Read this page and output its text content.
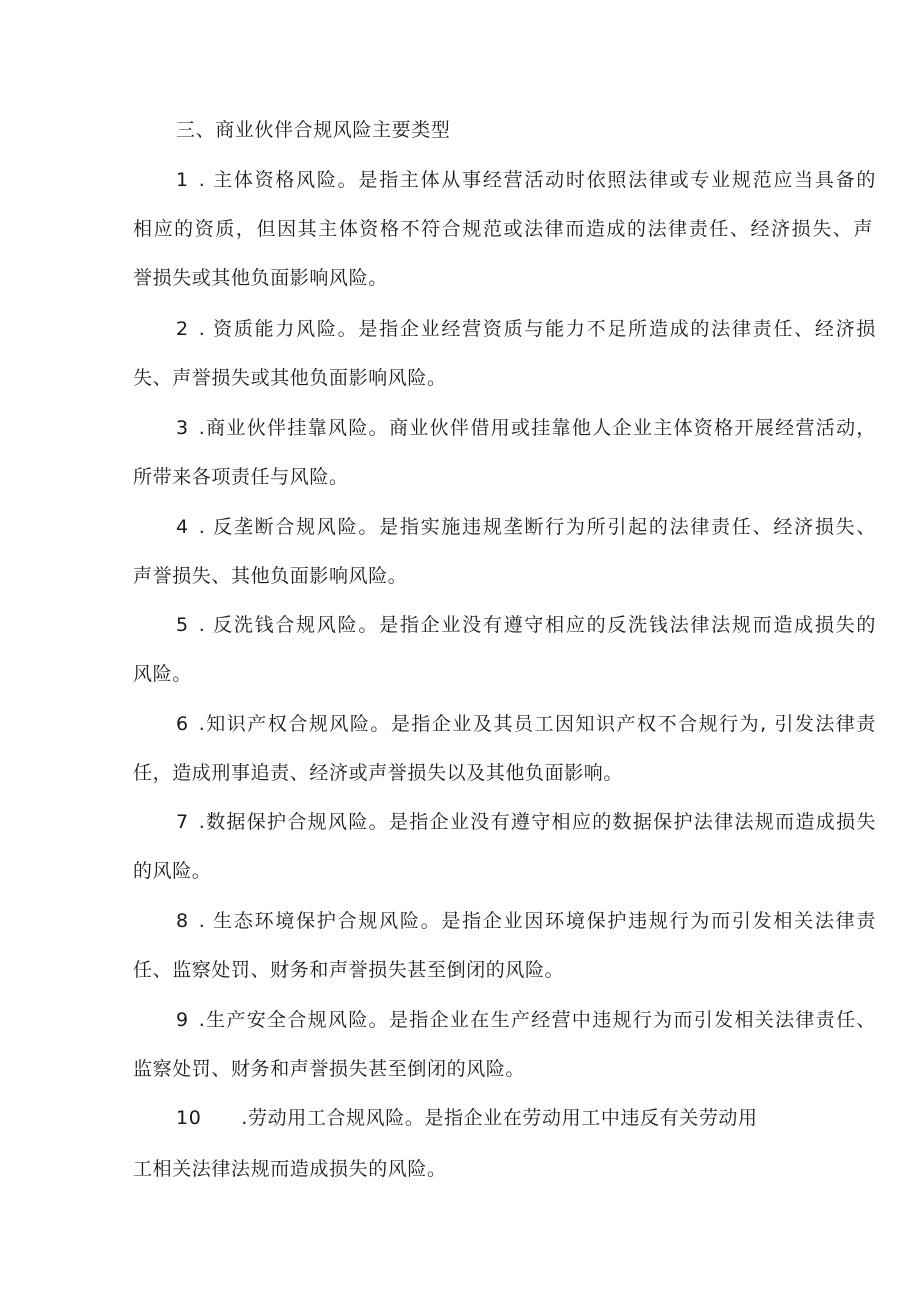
三、商业伙伴合规风险主要类型
1 . 主体资格风险。是指主体从事经营活动时依照法律或专业规范应当具备的
相应的资质，但因其主体资格不符合规范或法律而造成的法律责任、经济损失、声
誉损失或其他负面影响风险。
2 . 资质能力风险。是指企业经营资质与能力不足所造成的法律责任、经济损
失、声誉损失或其他负面影响风险。
3 .商业伙伴挂靠风险。商业伙伴借用或挂靠他人企业主体资格开展经营活动，
所带来各项责任与风险。
4 . 反垄断合规风险。是指实施违规垄断行为所引起的法律责任、经济损失、
声誉损失、其他负面影响风险。
5 . 反洗钱合规风险。是指企业没有遵守相应的反洗钱法律法规而造成损失的
风险。
6 .知识产权合规风险。是指企业及其员工因知识产权不合规行为, 引发法律责
任，造成刑事追责、经济或声誉损失以及其他负面影响。
7 .数据保护合规风险。是指企业没有遵守相应的数据保护法律法规而造成损失
的风险。
8 . 生态环境保护合规风险。是指企业因环境保护违规行为而引发相关法律责
任、监察处罚、财务和声誉损失甚至倒闭的风险。
9 .生产安全合规风险。是指企业在生产经营中违规行为而引发相关法律责任、
监察处罚、财务和声誉损失甚至倒闭的风险。
10 .劳动用工合规风险。是指企业在劳动用工中违反有关劳动用
工相关法律法规而造成损失的风险。
